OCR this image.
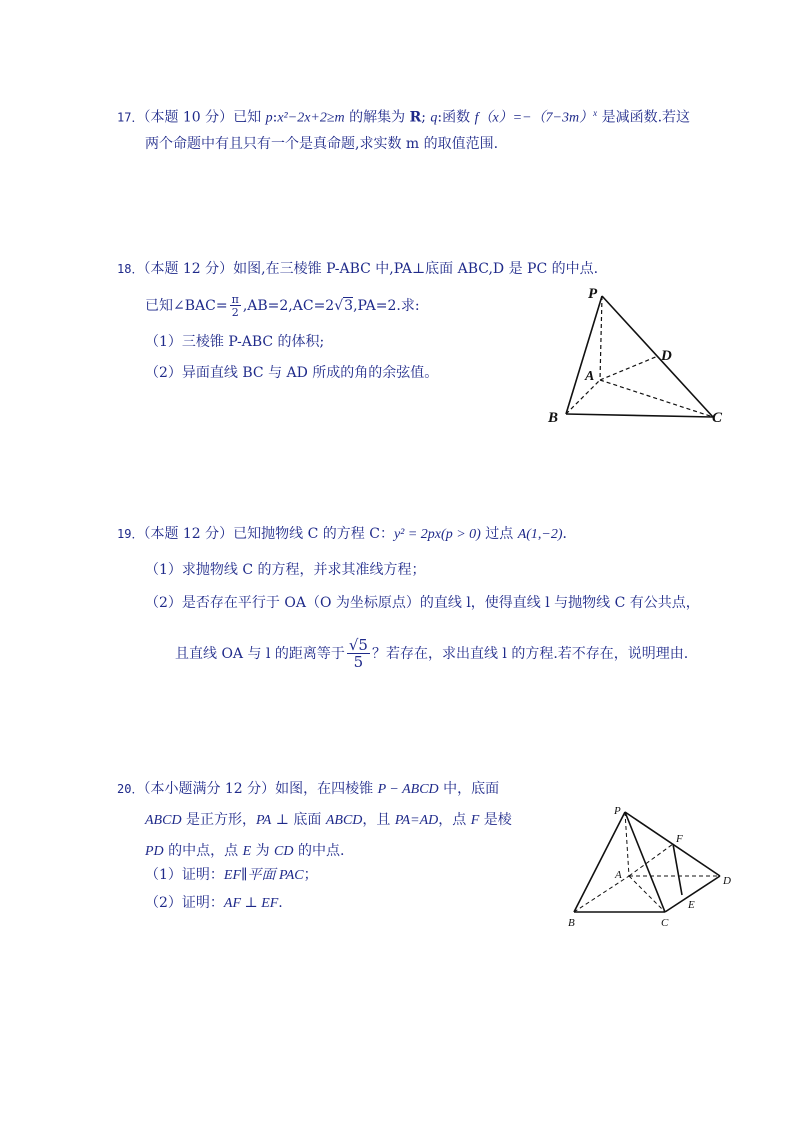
17．（本题 10 分）已知 p:x²−2x+2≥m 的解集为 R; q:函数 $f(x)=-(7-3m)^x$ 是减函数.若这
两个命题中有且只有一个是真命题,求实数 m 的取值范围.
18．（本题 12 分）如图,在三棱锥 P-ABC 中,PA⊥底面 ABC,D 是 PC 的中点.
已知∠BAC= $\frac{\pi}{2} ,AB=2,AC=2√3,PA=2$.求:
（1）三棱锥 P-ABC 的体积;
（2）异面直线 BC 与 AD 所成的角的余弦值。
P
A
B	C
D
19．（本题 12 分）已知抛物线 C 的方程 C：y² = 2px(p > 0) 过点 A(1,−2)．
（1）求抛物线 C 的方程，并求其准线方程；
（2）是否存在平行于 OA（O 为坐标原点）的直线 l，使得直线 l 与抛物线 C 有公共点，
且直线 OA 与 l 的距离等于 $\frac{√5}{5}$ ？若存在，求出直线 l 的方程.若不存在，说明理由.
20．（本小题满分 12 分）如图，在四棱锥 P − ABCD 中，底面
ABCD 是正方形，PA ⊥ 底面 ABCD，且 PA=AD，点 F 是棱
PD 的中点，点 E 为 CD 的中点.
（1）证明：EF∥平面 PAC；
（2）证明：AF ⊥ EF.
P
A
B	C
D
E
F
